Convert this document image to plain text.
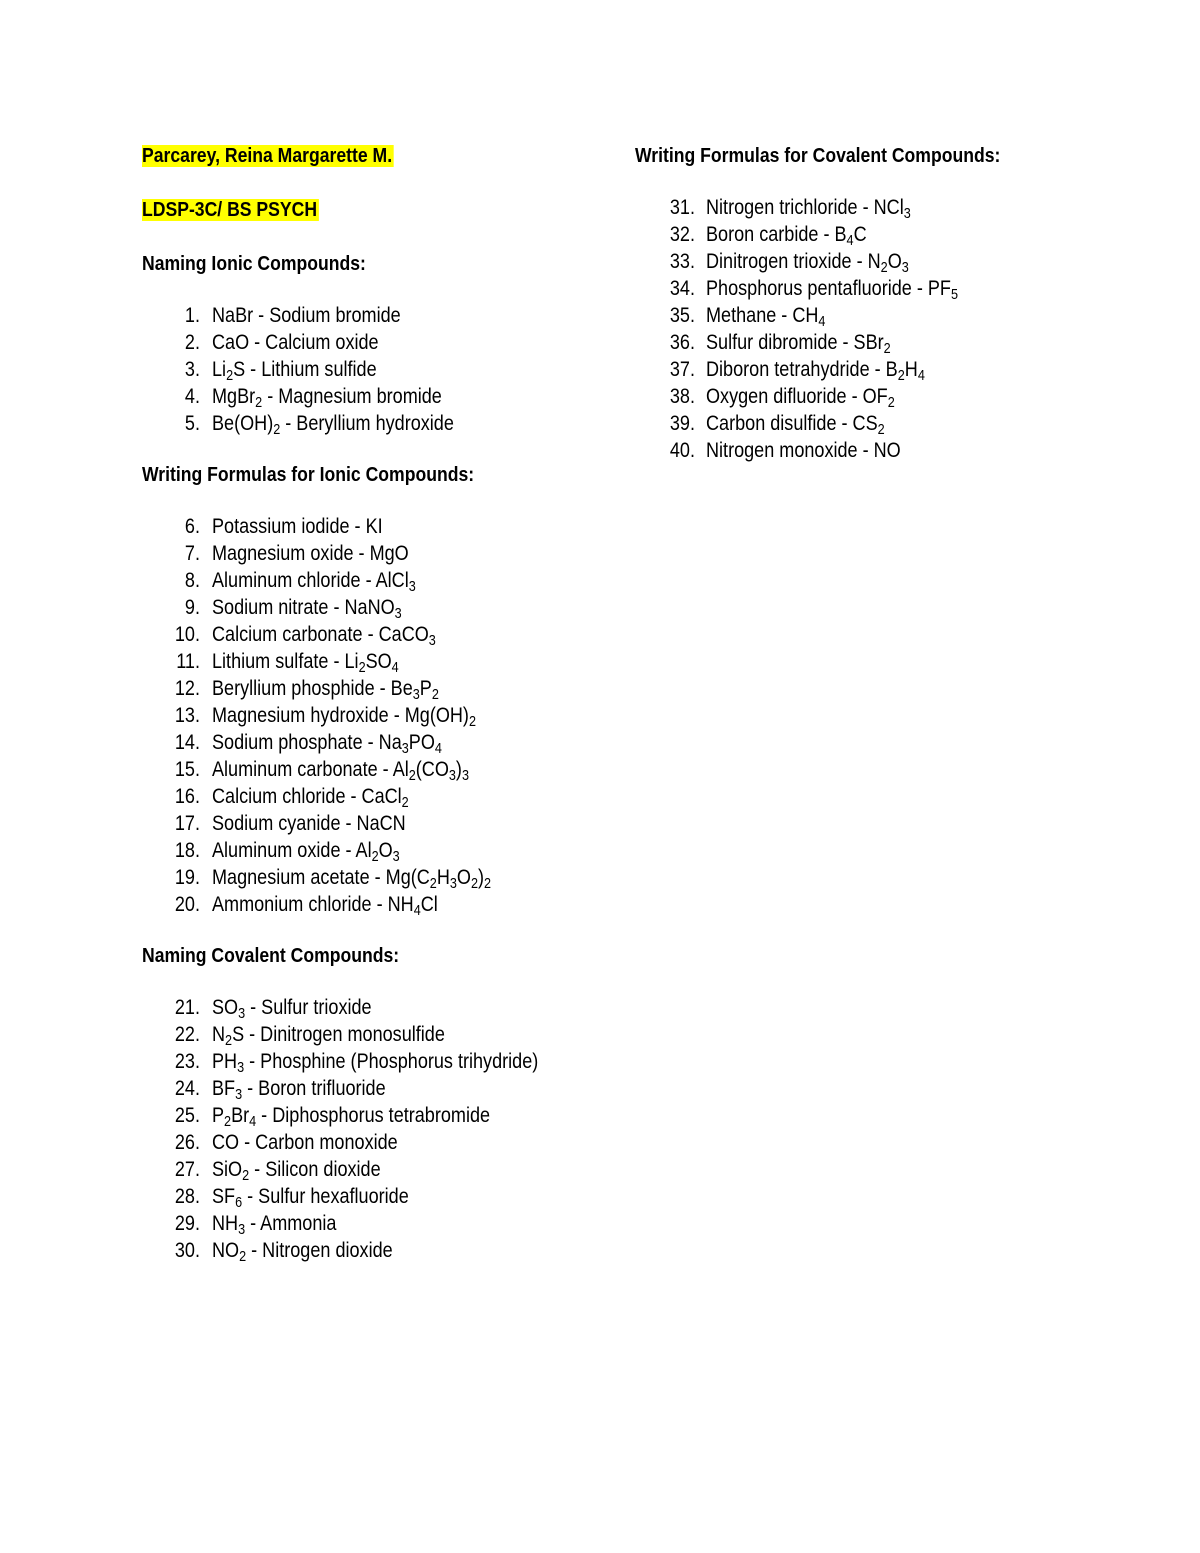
Parcarey, Reina Margarette M.

LDSP-3C/ BS PSYCH

Naming Ionic Compounds:

1. NaBr - Sodium bromide
2. CaO - Calcium oxide
3. $Li_2S$ - Lithium sulfide
4. MgBr$_2$ - Magnesium bromide
5. $Be(OH)_2$ - Beryllium hydroxide

Writing Formulas for Ionic Compounds:

6. Potassium iodide - KI
7. Magnesium oxide - MgO
8. Aluminum chloride - AlCl$_3$
9. Sodium nitrate - NaNO$_3$
10. Calcium carbonate - CaCO$_3$
11. Lithium sulfate - $Li_2SO_4$
12. Beryllium phosphide - $Be_3P_2$
13. Magnesium hydroxide - $Mg(OH)_2$
14. Sodium phosphate - $Na_3PO_4$
15. Aluminum carbonate - $Al_2(CO_3)_3$
16. Calcium chloride - CaCl$_2$
17. Sodium cyanide - NaCN
18. Aluminum oxide - $Al_2O_3$
19. Magnesium acetate - $Mg(C_2H_3O_2)_2$
20. Ammonium chloride - $NH_4Cl$

Naming Covalent Compounds:

21. $SO_3$ - Sulfur trioxide
22. $N_2S$ - Dinitrogen monosulfide
23. $PH_3$ - Phosphine (Phosphorus trihydride)
24. $BF_3$ - Boron trifluoride
25. $P_2Br_4$ - Diphosphorus tetrabromide
26. CO - Carbon monoxide
27. SiO$_2$ - Silicon dioxide
28. $SF_6$ - Sulfur hexafluoride
29. $NH_3$ - Ammonia
30. $NO_2$ - Nitrogen dioxide

Writing Formulas for Covalent Compounds:

31. Nitrogen trichloride - NCl$_3$
32. Boron carbide - $B_4C$
33. Dinitrogen trioxide - $N_2O_3$
34. Phosphorus pentafluoride - $PF_5$
35. Methane - $CH_4$
36. Sulfur dibromide - SBr$_2$
37. Diboron tetrahydride - $B_2H_4$
38. Oxygen difluoride - $OF_2$
39. Carbon disulfide - $CS_2$
40. Nitrogen monoxide - NO
